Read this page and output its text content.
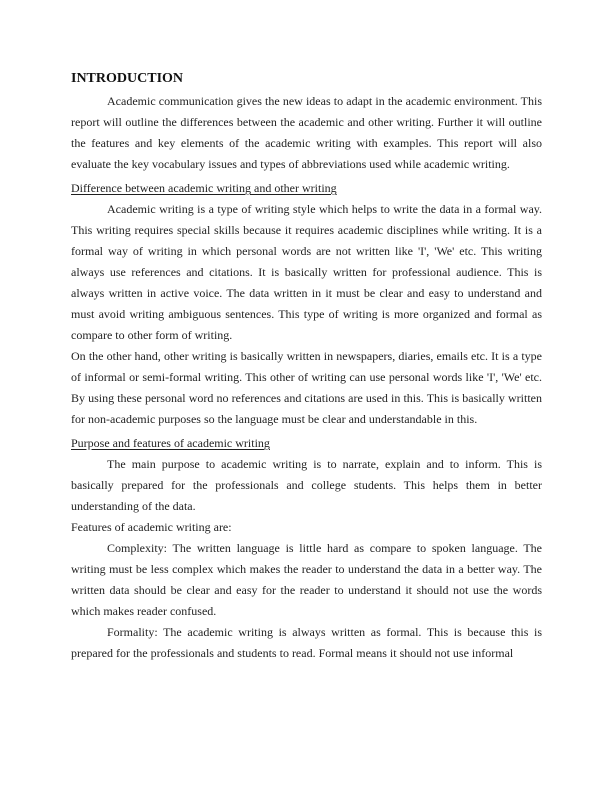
INTRODUCTION

Academic communication gives the new ideas to adapt in the academic environment. This report will outline the differences between the academic and other writing. Further it will outline the features and key elements of the academic writing with examples. This report will also evaluate the key vocabulary issues and types of abbreviations used while academic writing.

Difference between academic writing and other writing

Academic writing is a type of writing style which helps to write the data in a formal way. This writing requires special skills because it requires academic disciplines while writing. It is a formal way of writing in which personal words are not written like 'I', 'We' etc. This writing always use references and citations. It is basically written for professional audience. This is always written in active voice. The data written in it must be clear and easy to understand and must avoid writing ambiguous sentences. This type of writing is more organized and formal as compare to other form of writing.

On the other hand, other writing is basically written in newspapers, diaries, emails etc. It is a type of informal or semi-formal writing. This other of writing can use personal words like 'I', 'We' etc. By using these personal word no references and citations are used in this. This is basically written for non-academic purposes so the language must be clear and understandable in this.

Purpose and features of academic writing

The main purpose to academic writing is to narrate, explain and to inform. This is basically prepared for the professionals and college students. This helps them in better understanding of the data.

Features of academic writing are:

Complexity: The written language is little hard as compare to spoken language. The writing must be less complex which makes the reader to understand the data in a better way. The written data should be clear and easy for the reader to understand it should not use the words which makes reader confused.

Formality: The academic writing is always written as formal. This is because this is prepared for the professionals and students to read. Formal means it should not use informal
